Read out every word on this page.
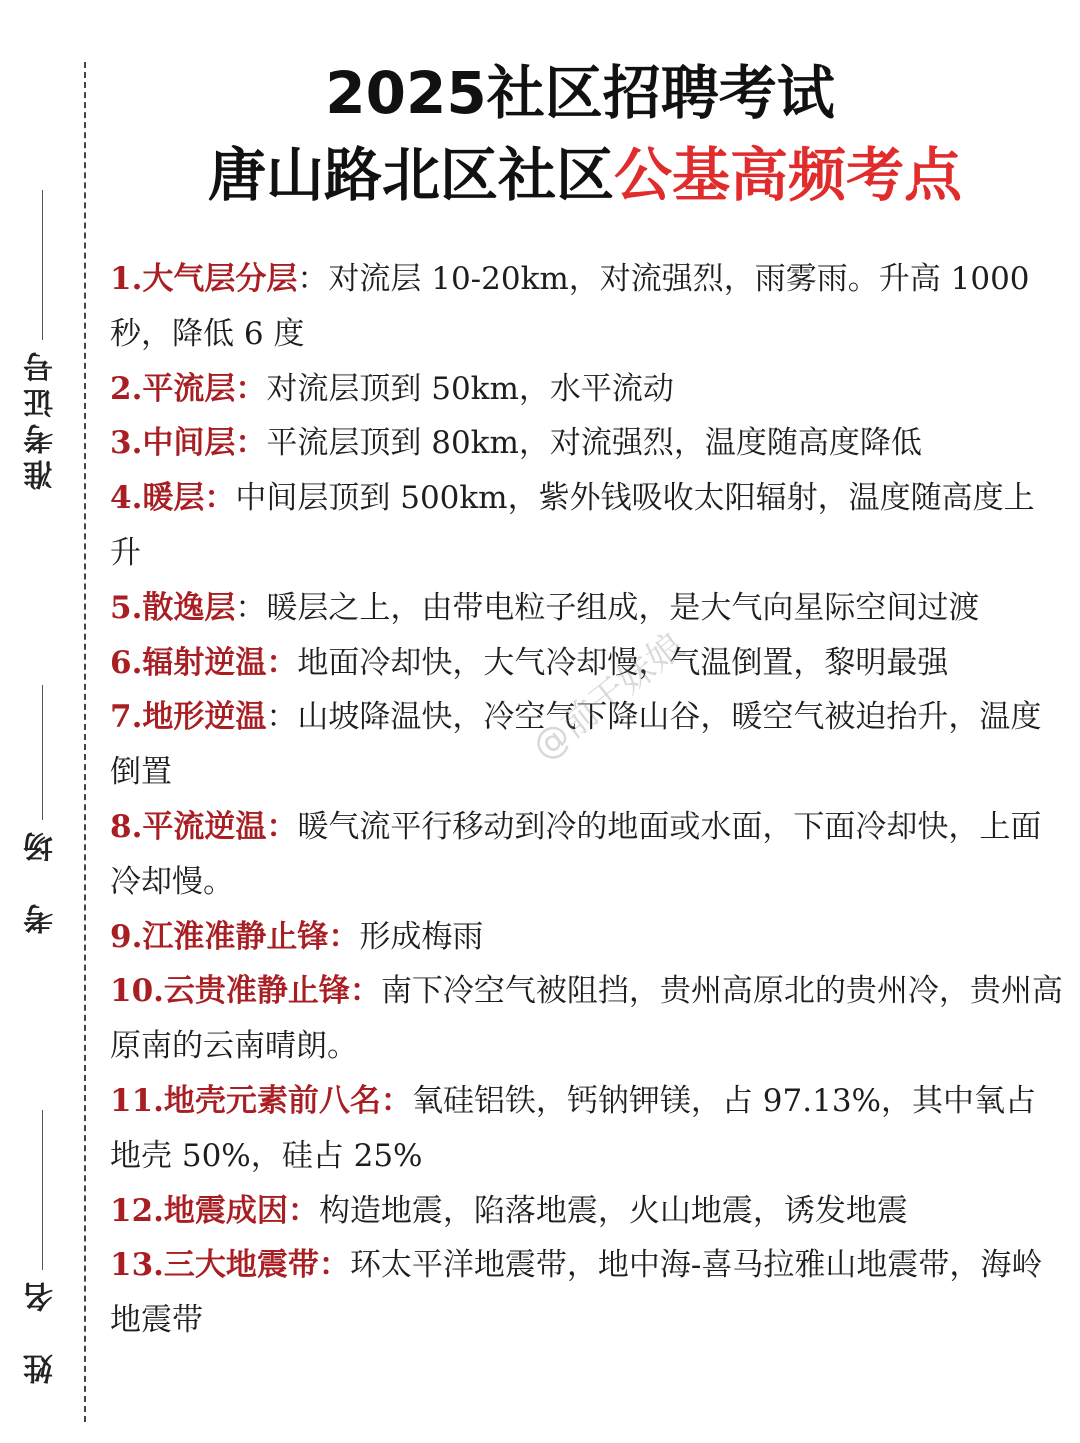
准考证号
考　场
姓　名
2025社区招聘考试
唐山路北区社区公基高频考点

1.大气层分层：对流层 10-20km，对流强烈，雨雾雨。升高 1000 秒，降低 6 度

2.平流层：对流层顶到 50km，水平流动

3.中间层：平流层顶到 80km，对流强烈，温度随高度降低

4.暖层：中间层顶到 500km，紫外钱吸收太阳辐射，温度随高度上升

5.散逸层：暖层之上，由带电粒子组成，是大气向星际空间过渡

6.辐射逆温：地面冷却快，大气冷却慢，气温倒置，黎明最强

7.地形逆温：山坡降温快，冷空气下降山谷，暖空气被迫抬升，温度倒置

8.平流逆温：暖气流平行移动到冷的地面或水面，下面冷却快，上面冷却慢。

9.江淮准静止锋：形成梅雨

10.云贵准静止锋：南下冷空气被阻挡，贵州高原北的贵州冷，贵州高原南的云南晴朗。

11.地壳元素前八名：氧硅铝铁，钙钠钾镁，占 97.13%，其中氧占地壳 50%，硅占 25%

12.地震成因：构造地震，陷落地震，火山地震，诱发地震

13.三大地震带：环太平洋地震带，地中海-喜马拉雅山地震带，海岭地震带

@前干妹娘
